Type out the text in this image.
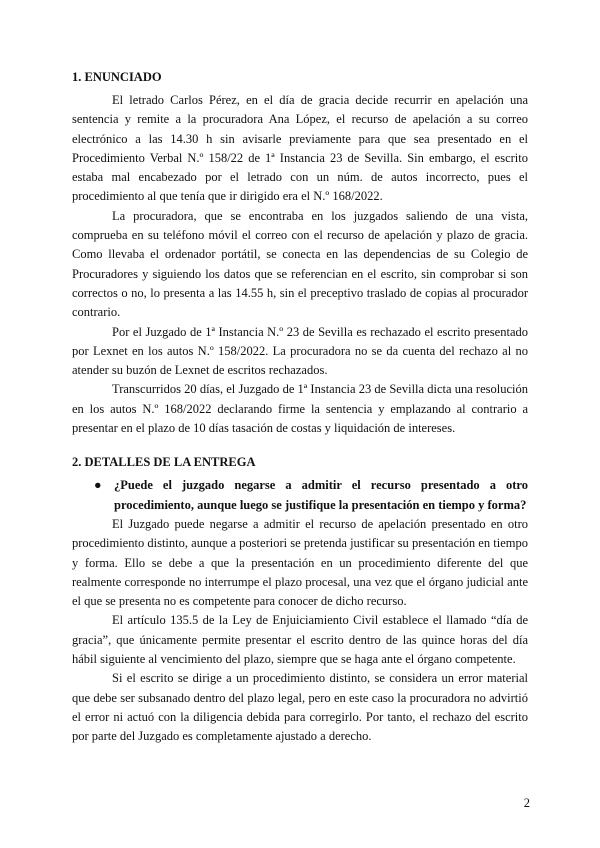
1. ENUNCIADO

El letrado Carlos Pérez, en el día de gracia decide recurrir en apelación una sentencia y remite a la procuradora Ana López, el recurso de apelación a su correo electrónico a las 14.30 h sin avisarle previamente para que sea presentado en el Procedimiento Verbal N.º 158/22 de 1ª Instancia 23 de Sevilla. Sin embargo, el escrito estaba mal encabezado por el letrado con un núm. de autos incorrecto, pues el procedimiento al que tenía que ir dirigido era el N.º 168/2022.

La procuradora, que se encontraba en los juzgados saliendo de una vista, comprueba en su teléfono móvil el correo con el recurso de apelación y plazo de gracia. Como llevaba el ordenador portátil, se conecta en las dependencias de su Colegio de Procuradores y siguiendo los datos que se referencian en el escrito, sin comprobar si son correctos o no, lo presenta a las 14.55 h, sin el preceptivo traslado de copias al procurador contrario.

Por el Juzgado de 1ª Instancia N.º 23 de Sevilla es rechazado el escrito presentado por Lexnet en los autos N.º 158/2022. La procuradora no se da cuenta del rechazo al no atender su buzón de Lexnet de escritos rechazados.

Transcurridos 20 días, el Juzgado de 1ª Instancia 23 de Sevilla dicta una resolución en los autos N.º 168/2022 declarando firme la sentencia y emplazando al contrario a presentar en el plazo de 10 días tasación de costas y liquidación de intereses.

2. DETALLES DE LA ENTREGA
● ¿Puede el juzgado negarse a admitir el recurso presentado a otro procedimiento, aunque luego se justifique la presentación en tiempo y forma?

El Juzgado puede negarse a admitir el recurso de apelación presentado en otro procedimiento distinto, aunque a posteriori se pretenda justificar su presentación en tiempo y forma. Ello se debe a que la presentación en un procedimiento diferente del que realmente corresponde no interrumpe el plazo procesal, una vez que el órgano judicial ante el que se presenta no es competente para conocer de dicho recurso.

El artículo 135.5 de la Ley de Enjuiciamiento Civil establece el llamado “día de gracia”, que únicamente permite presentar el escrito dentro de las quince horas del día hábil siguiente al vencimiento del plazo, siempre que se haga ante el órgano competente.

Si el escrito se dirige a un procedimiento distinto, se considera un error material que debe ser subsanado dentro del plazo legal, pero en este caso la procuradora no advirtió el error ni actuó con la diligencia debida para corregirlo. Por tanto, el rechazo del escrito por parte del Juzgado es completamente ajustado a derecho.

2
